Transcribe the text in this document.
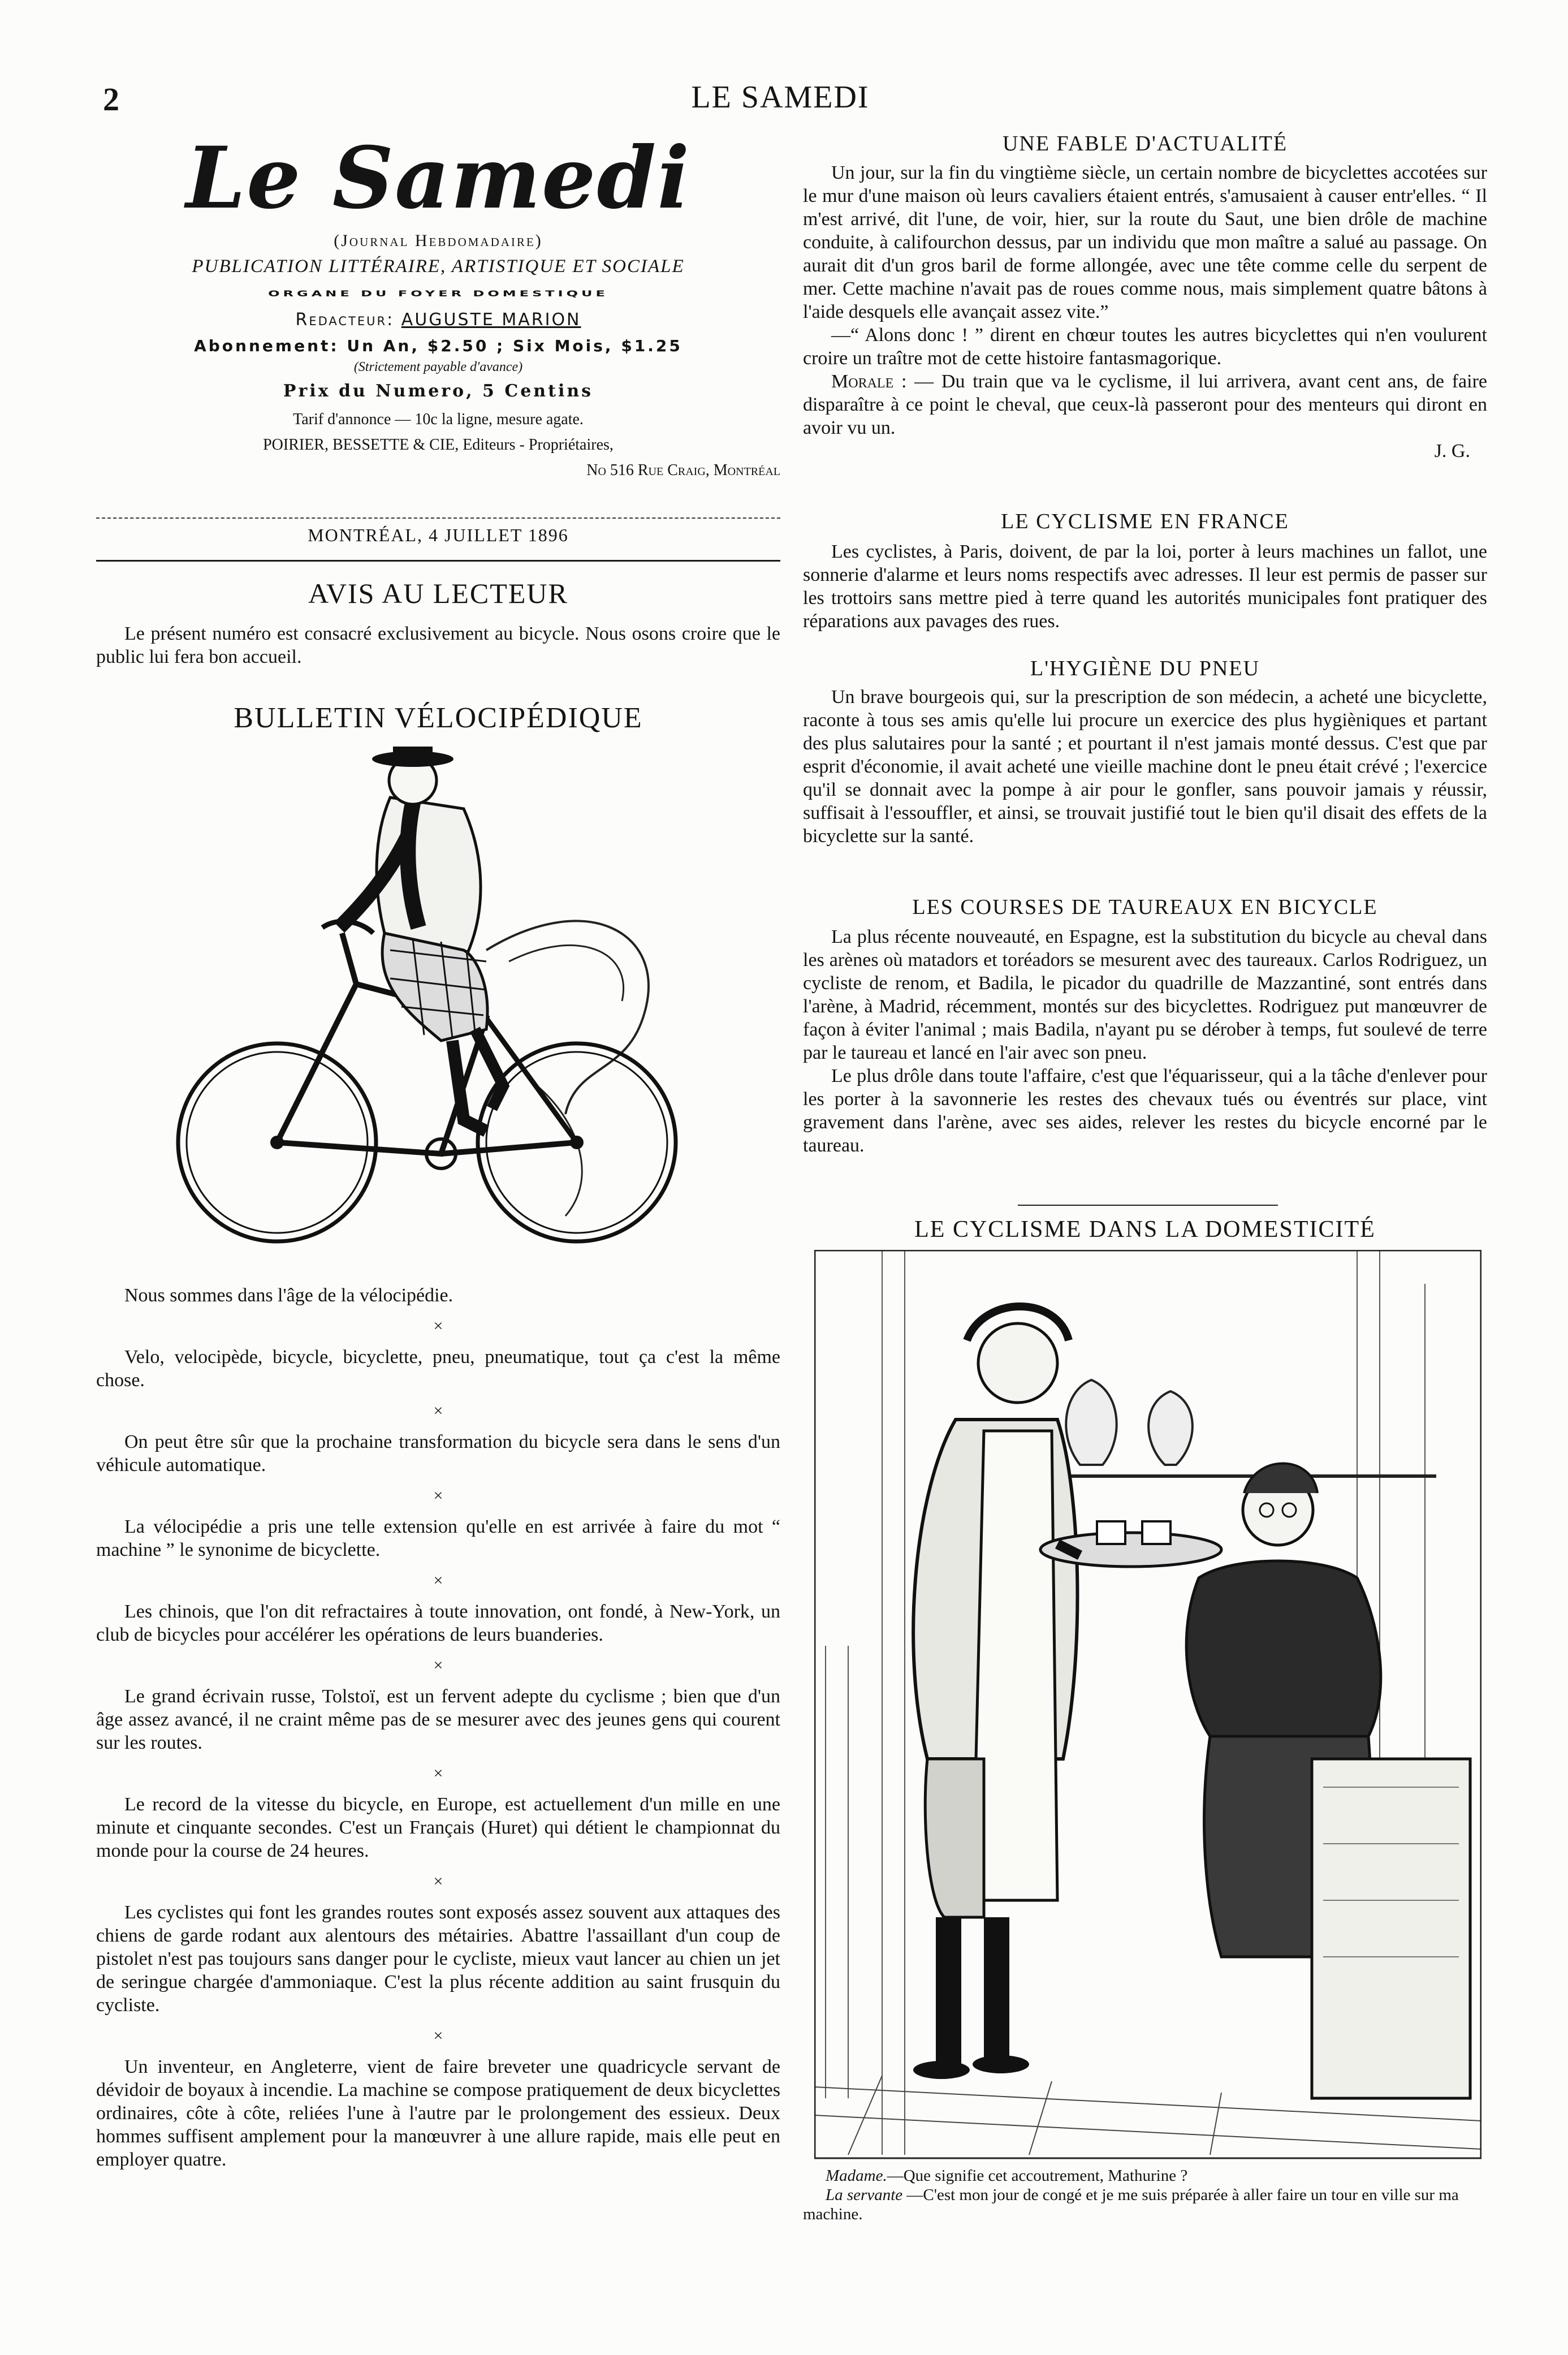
2	LE SAMEDI
Le Samedi
(Journal Hebdomadaire)
PUBLICATION LITTÉRAIRE, ARTISTIQUE ET SOCIALE
ORGANE DU FOYER DOMESTIQUE
Redacteur: AUGUSTE MARION
Abonnement: Un An, $2.50 ; Six Mois, $1.25
(Strictement payable d'avance)
Prix du Numero, 5 Centins
Tarif d'annonce — 10c la ligne, mesure agate.
POIRIER, BESSETTE & CIE, Editeurs - Propriétaires,
No 516 Rue Craig, Montréal
MONTRÉAL, 4 JUILLET 1896
AVIS AU LECTEUR
Le présent numéro est consacré exclusivement au bicycle. Nous osons croire que le public lui fera bon accueil.
BULLETIN VÉLOCIPÉDIQUE

Nous sommes dans l'âge de la vélocipédie.

×

Velo, velocipède, bicycle, bicyclette, pneu, pneumatique, tout ça c'est la même chose.

×

On peut être sûr que la prochaine transformation du bicycle sera dans le sens d'un véhicule automatique.

×

La vélocipédie a pris une telle extension qu'elle en est arrivée à faire du mot “ machine ” le synonime de bicyclette.

×

Les chinois, que l'on dit refractaires à toute innovation, ont fondé, à New-York, un club de bicycles pour accélérer les opérations de leurs buanderies.

×

Le grand écrivain russe, Tolstoï, est un fervent adepte du cyclisme ; bien que d'un âge assez avancé, il ne craint même pas de se mesurer avec des jeunes gens qui courent sur les routes.

×

Le record de la vitesse du bicycle, en Europe, est actuellement d'un mille en une minute et cinquante secondes. C'est un Français (Huret) qui détient le championnat du monde pour la course de 24 heures.

×

Les cyclistes qui font les grandes routes sont exposés assez souvent aux attaques des chiens de garde rodant aux alentours des métairies. Abattre l'assaillant d'un coup de pistolet n'est pas toujours sans danger pour le cycliste, mieux vaut lancer au chien un jet de seringue chargée d'ammoniaque. C'est la plus récente addition au saint frusquin du cycliste.

×

Un inventeur, en Angleterre, vient de faire breveter une quadricycle servant de dévidoir de boyaux à incendie. La machine se compose pratiquement de deux bicyclettes ordinaires, côte à côte, reliées l'une à l'autre par le prolongement des essieux. Deux hommes suffisent amplement pour la manœuvrer à une allure rapide, mais elle peut en employer quatre.

UNE FABLE D'ACTUALITÉ

Un jour, sur la fin du vingtième siècle, un certain nombre de bicyclettes accotées sur le mur d'une maison où leurs cavaliers étaient entrés, s'amusaient à causer entr'elles. “ Il m'est arrivé, dit l'une, de voir, hier, sur la route du Saut, une bien drôle de machine conduite, à califourchon dessus, par un individu que mon maître a salué au passage. On aurait dit d'un gros baril de forme allongée, avec une tête comme celle du serpent de mer. Cette machine n'avait pas de roues comme nous, mais simplement quatre bâtons à l'aide desquels elle avançait assez vite.”

—“ Alons donc ! ” dirent en chœur toutes les autres bicyclettes qui n'en voulurent croire un traître mot de cette histoire fantasmagorique.

Morale : — Du train que va le cyclisme, il lui arrivera, avant cent ans, de faire disparaître à ce point le cheval, que ceux-là passeront pour des menteurs qui diront en avoir vu un.

J. G.

LE CYCLISME EN FRANCE
Les cyclistes, à Paris, doivent, de par la loi, porter à leurs machines un fallot, une sonnerie d'alarme et leurs noms respectifs avec adresses. Il leur est permis de passer sur les trottoirs sans mettre pied à terre quand les autorités municipales font pratiquer des réparations aux pavages des rues.
L'HYGIÈNE DU PNEU
Un brave bourgeois qui, sur la prescription de son médecin, a acheté une bicyclette, raconte à tous ses amis qu'elle lui procure un exercice des plus hygièniques et partant des plus salutaires pour la santé ; et pourtant il n'est jamais monté dessus. C'est que par esprit d'économie, il avait acheté une vieille machine dont le pneu était crévé ; l'exercice qu'il se donnait avec la pompe à air pour le gonfler, sans pouvoir jamais y réussir, suffisait à l'essouffler, et ainsi, se trouvait justifié tout le bien qu'il disait des effets de la bicyclette sur la santé.
LES COURSES DE TAUREAUX EN BICYCLE

La plus récente nouveauté, en Espagne, est la substitution du bicycle au cheval dans les arènes où matadors et toréadors se mesurent avec des taureaux. Carlos Rodriguez, un cycliste de renom, et Badila, le picador du quadrille de Mazzantiné, sont entrés dans l'arène, à Madrid, récemment, montés sur des bicyclettes. Rodriguez put manœuvrer de façon à éviter l'animal ; mais Badila, n'ayant pu se dérober à temps, fut soulevé de terre par le taureau et lancé en l'air avec son pneu.

Le plus drôle dans toute l'affaire, c'est que l'équarisseur, qui a la tâche d'enlever pour les porter à la savonnerie les restes des chevaux tués ou éventrés sur place, vint gravement dans l'arène, avec ses aides, relever les restes du bicycle encorné par le taureau.

LE CYCLISME DANS LA DOMESTICITÉ
Madame.—Que signifie cet accoutrement, Mathurine ?
La servante —C'est mon jour de congé et je me suis préparée à aller faire un tour en ville sur ma machine.
